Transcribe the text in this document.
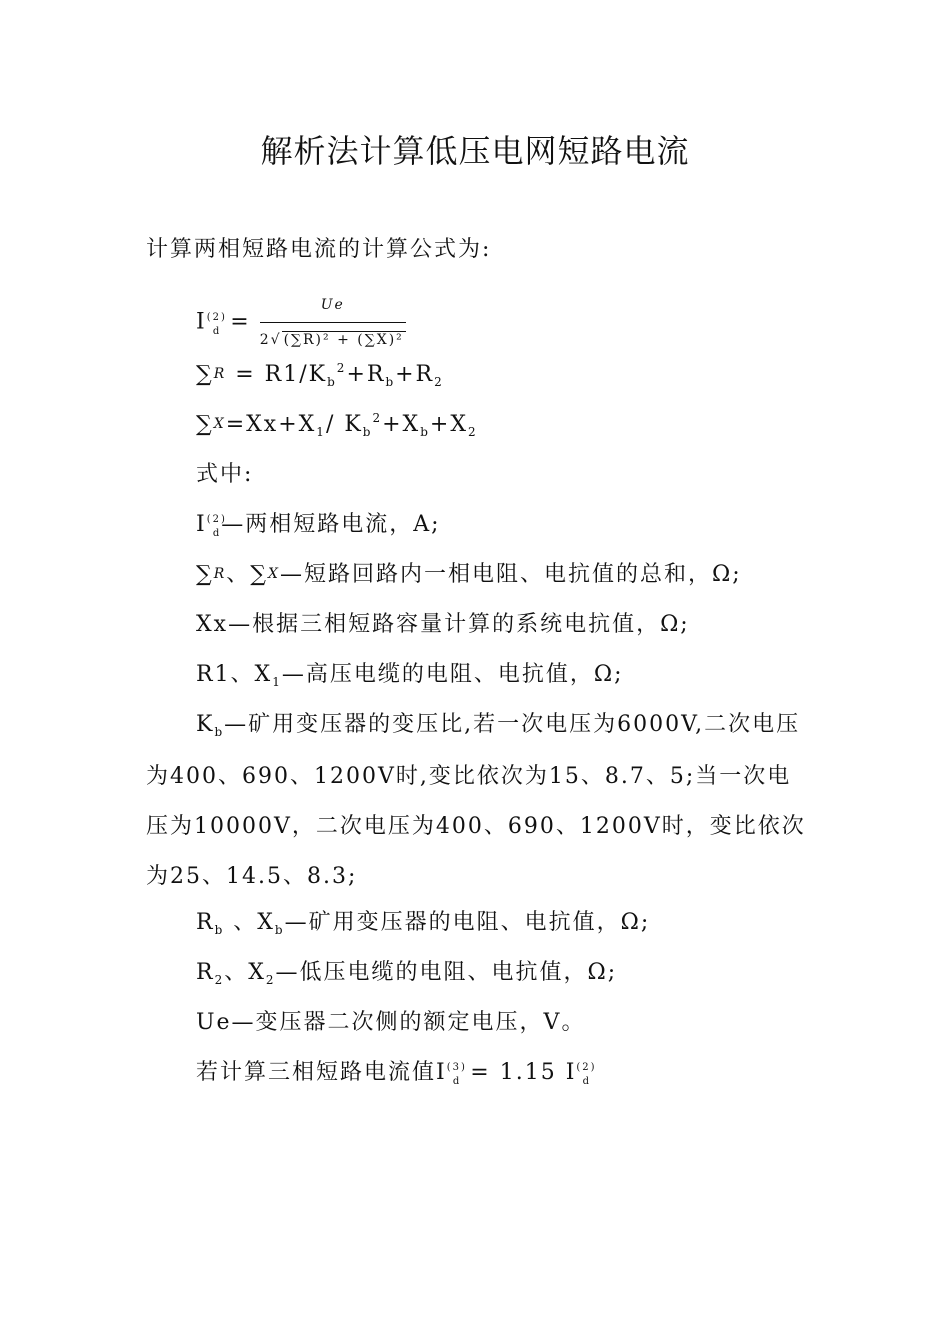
解析法计算低压电网短路电流
计算两相短路电流的计算公式为:
$I^{(2)}_d = \frac{Ue}{\text{2√ (∑R)² + (∑X)²}}$
$\sum R = R1/K_b^2+R_b+R_2$
$\sum X=Xx+X_1/$ $K_b^2+X_b+X_2$
式中:
$I^{(2)}_d—$两相短路电流，A;
∑R、∑X—短路回路内一相电阻、电抗值的总和，Ω;
Xx—根据三相短路容量计算的系统电抗值，Ω;
R1、$X_1—$高压电缆的电阻、电抗值，Ω;
$K_b—$矿用变压器的变压比,若一次电压为6000V,二次电压为400、690、1200V时,变比依次为15、8.7、5;当一次电压为10000V，二次电压为400、690、1200V时，变比依次为25、14.5、8.3;
$R_b$ 、$X_b—$矿用变压器的电阻、电抗值，Ω;
$R_2$、$X_2—$低压电缆的电阻、电抗值，Ω;
Ue—变压器二次侧的额定电压，V。
若计算三相短路电流值$I^{(3)}_d = 1.15$ $I^{(2)}_d$
